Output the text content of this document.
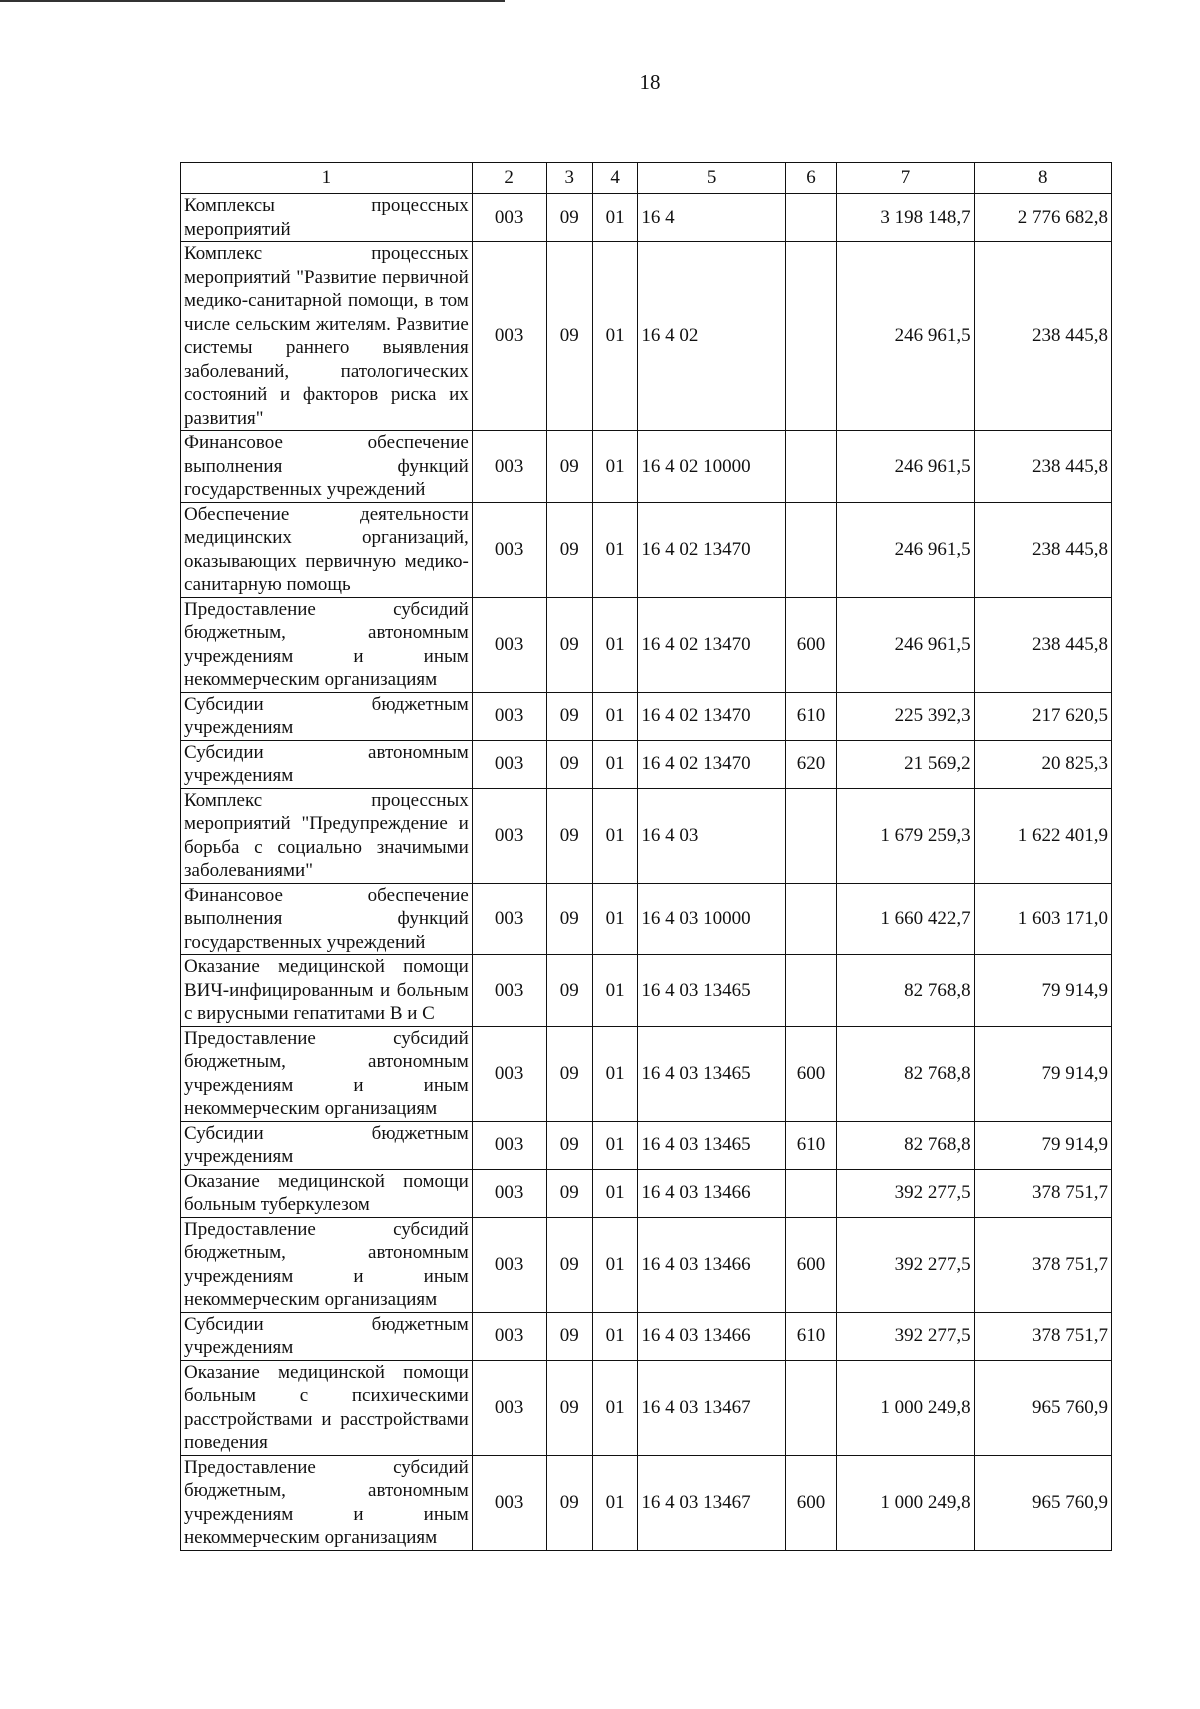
18
1	2	3	4	5	6	7	8
Комплексы процессных мероприятий	003	09	01	16 4		3 198 148,7	2 776 682,8
Комплекс процессных мероприятий "Развитие первичной медико-санитарной помощи, в том числе сельским жителям. Развитие системы раннего выявления заболеваний, патологических состояний и факторов риска их развития"	003	09	01	16 4 02		246 961,5	238 445,8
Финансовое обеспечение выполнения функций государственных учреждений	003	09	01	16 4 02 10000		246 961,5	238 445,8
Обеспечение деятельности медицинских организаций, оказывающих первичную медико-санитарную помощь	003	09	01	16 4 02 13470		246 961,5	238 445,8
Предоставление субсидий бюджетным, автономным учреждениям и иным некоммерческим организациям	003	09	01	16 4 02 13470	600	246 961,5	238 445,8
Субсидии бюджетным учреждениям	003	09	01	16 4 02 13470	610	225 392,3	217 620,5
Субсидии автономным учреждениям	003	09	01	16 4 02 13470	620	21 569,2	20 825,3
Комплекс процессных мероприятий "Предупреждение и борьба с социально значимыми заболеваниями"	003	09	01	16 4 03		1 679 259,3	1 622 401,9
Финансовое обеспечение выполнения функций государственных учреждений	003	09	01	16 4 03 10000		1 660 422,7	1 603 171,0
Оказание медицинской помощи ВИЧ-инфицированным и больным с вирусными гепатитами B и C	003	09	01	16 4 03 13465		82 768,8	79 914,9
Предоставление субсидий бюджетным, автономным учреждениям и иным некоммерческим организациям	003	09	01	16 4 03 13465	600	82 768,8	79 914,9
Субсидии бюджетным учреждениям	003	09	01	16 4 03 13465	610	82 768,8	79 914,9
Оказание медицинской помощи больным туберкулезом	003	09	01	16 4 03 13466		392 277,5	378 751,7
Предоставление субсидий бюджетным, автономным учреждениям и иным некоммерческим организациям	003	09	01	16 4 03 13466	600	392 277,5	378 751,7
Субсидии бюджетным учреждениям	003	09	01	16 4 03 13466	610	392 277,5	378 751,7
Оказание медицинской помощи больным с психическими расстройствами и расстройствами поведения	003	09	01	16 4 03 13467		1 000 249,8	965 760,9
Предоставление субсидий бюджетным, автономным учреждениям и иным некоммерческим организациям	003	09	01	16 4 03 13467	600	1 000 249,8	965 760,9
